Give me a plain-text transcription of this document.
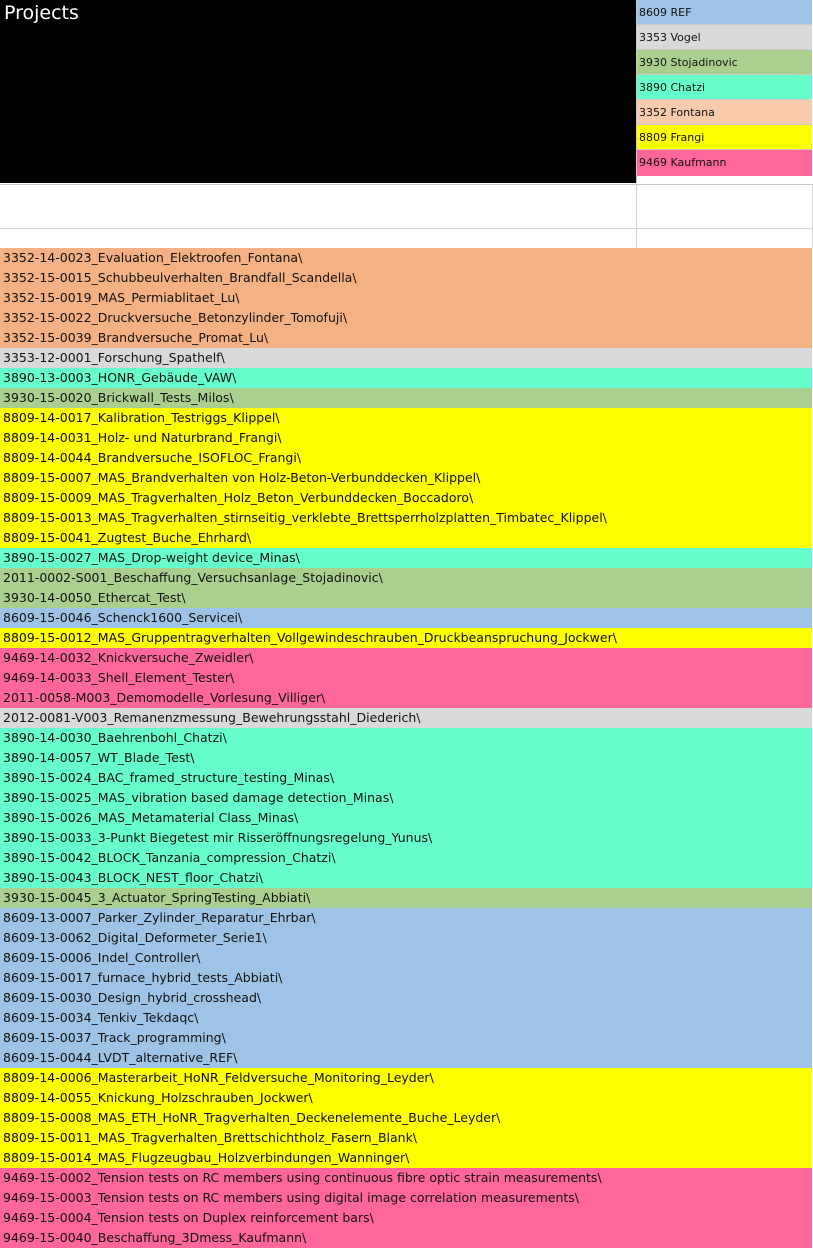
Projects	8609 REF
3353 Vogel
3930 Stojadinovic
3890 Chatzi
3352 Fontana
8809 Frangi
9469 Kaufmann
3352-14-0023_Evaluation_Elektroofen_Fontana\
3352-15-0015_Schubbeulverhalten_Brandfall_Scandella\
3352-15-0019_MAS_Permiablitaet_Lu\
3352-15-0022_Druckversuche_Betonzylinder_Tomofuji\
3352-15-0039_Brandversuche_Promat_Lu\
3353-12-0001_Forschung_Spathelf\
3890-13-0003_HONR_Gebäude_VAW\
3930-15-0020_Brickwall_Tests_Milos\
8809-14-0017_Kalibration_Testriggs_Klippel\
8809-14-0031_Holz- und Naturbrand_Frangi\
8809-14-0044_Brandversuche_ISOFLOC_Frangi\
8809-15-0007_MAS_Brandverhalten von Holz-Beton-Verbunddecken_Klippel\
8809-15-0009_MAS_Tragverhalten_Holz_Beton_Verbunddecken_Boccadoro\
8809-15-0013_MAS_Tragverhalten_stirnseitig_verklebte_Brettsperrholzplatten_Timbatec_Klippel\
8809-15-0041_Zugtest_Buche_Ehrhard\
3890-15-0027_MAS_Drop-weight device_Minas\
2011-0002-S001_Beschaffung_Versuchsanlage_Stojadinovic\
3930-14-0050_Ethercat_Test\
8609-15-0046_Schenck1600_Servicei\
8809-15-0012_MAS_Gruppentragverhalten_Vollgewindeschrauben_Druckbeanspruchung_Jockwer\
9469-14-0032_Knickversuche_Zweidler\
9469-14-0033_Shell_Element_Tester\
2011-0058-M003_Demomodelle_Vorlesung_Villiger\
2012-0081-V003_Remanenzmessung_Bewehrungsstahl_Diederich\
3890-14-0030_Baehrenbohl_Chatzi\
3890-14-0057_WT_Blade_Test\
3890-15-0024_BAC_framed_structure_testing_Minas\
3890-15-0025_MAS_vibration based damage detection_Minas\
3890-15-0026_MAS_Metamaterial Class_Minas\
3890-15-0033_3-Punkt Biegetest mir Risseröffnungsregelung_Yunus\
3890-15-0042_BLOCK_Tanzania_compression_Chatzi\
3890-15-0043_BLOCK_NEST_floor_Chatzi\
3930-15-0045_3_Actuator_SpringTesting_Abbiati\
8609-13-0007_Parker_Zylinder_Reparatur_Ehrbar\
8609-13-0062_Digital_Deformeter_Serie1\
8609-15-0006_Indel_Controller\
8609-15-0017_furnace_hybrid_tests_Abbiati\
8609-15-0030_Design_hybrid_crosshead\
8609-15-0034_Tenkiv_Tekdaqc\
8609-15-0037_Track_programming\
8609-15-0044_LVDT_alternative_REF\
8809-14-0006_Masterarbeit_HoNR_Feldversuche_Monitoring_Leyder\
8809-14-0055_Knickung_Holzschrauben_Jockwer\
8809-15-0008_MAS_ETH_HoNR_Tragverhalten_Deckenelemente_Buche_Leyder\
8809-15-0011_MAS_Tragverhalten_Brettschichtholz_Fasern_Blank\
8809-15-0014_MAS_Flugzeugbau_Holzverbindungen_Wanninger\
9469-15-0002_Tension tests on RC members using continuous fibre optic strain measurements\
9469-15-0003_Tension tests on RC members using digital image correlation measurements\
9469-15-0004_Tension tests on Duplex reinforcement bars\
9469-15-0040_Beschaffung_3Dmess_Kaufmann\
